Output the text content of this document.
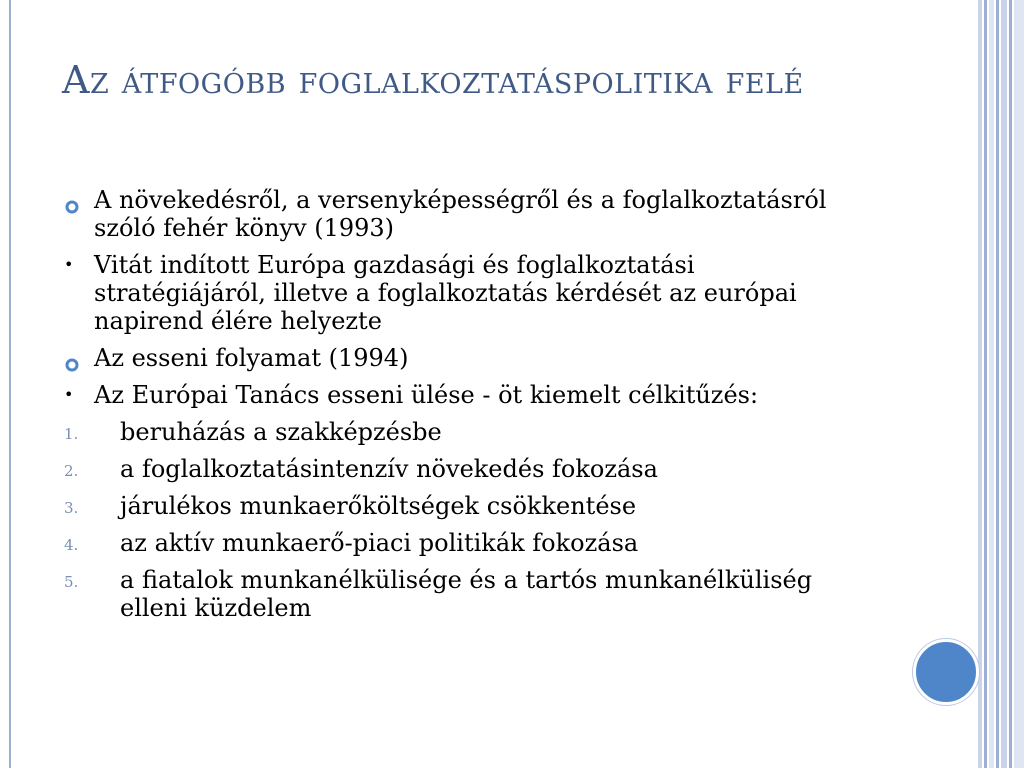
Az átfogóbb foglalkoztatáspolitika felé
A növekedésről, a versenyképességről és a foglalkoztatásról szóló fehér könyv (1993)
• Vitát indított Európa gazdasági és foglalkoztatási stratégiájáról, illetve a foglalkoztatás kérdését az európai napirend élére helyezte
Az esseni folyamat (1994)
• Az Európai Tanács esseni ülése - öt kiemelt célkitűzés:
1.	beruházás a szakképzésbe
2.	a foglalkoztatásintenzív növekedés fokozása
3.	járulékos munkaerőköltségek csökkentése
4.	az aktív munkaerő-piaci politikák fokozása
5.	a fiatalok munkanélkülisége és a tartós munkanélküliség elleni küzdelem
